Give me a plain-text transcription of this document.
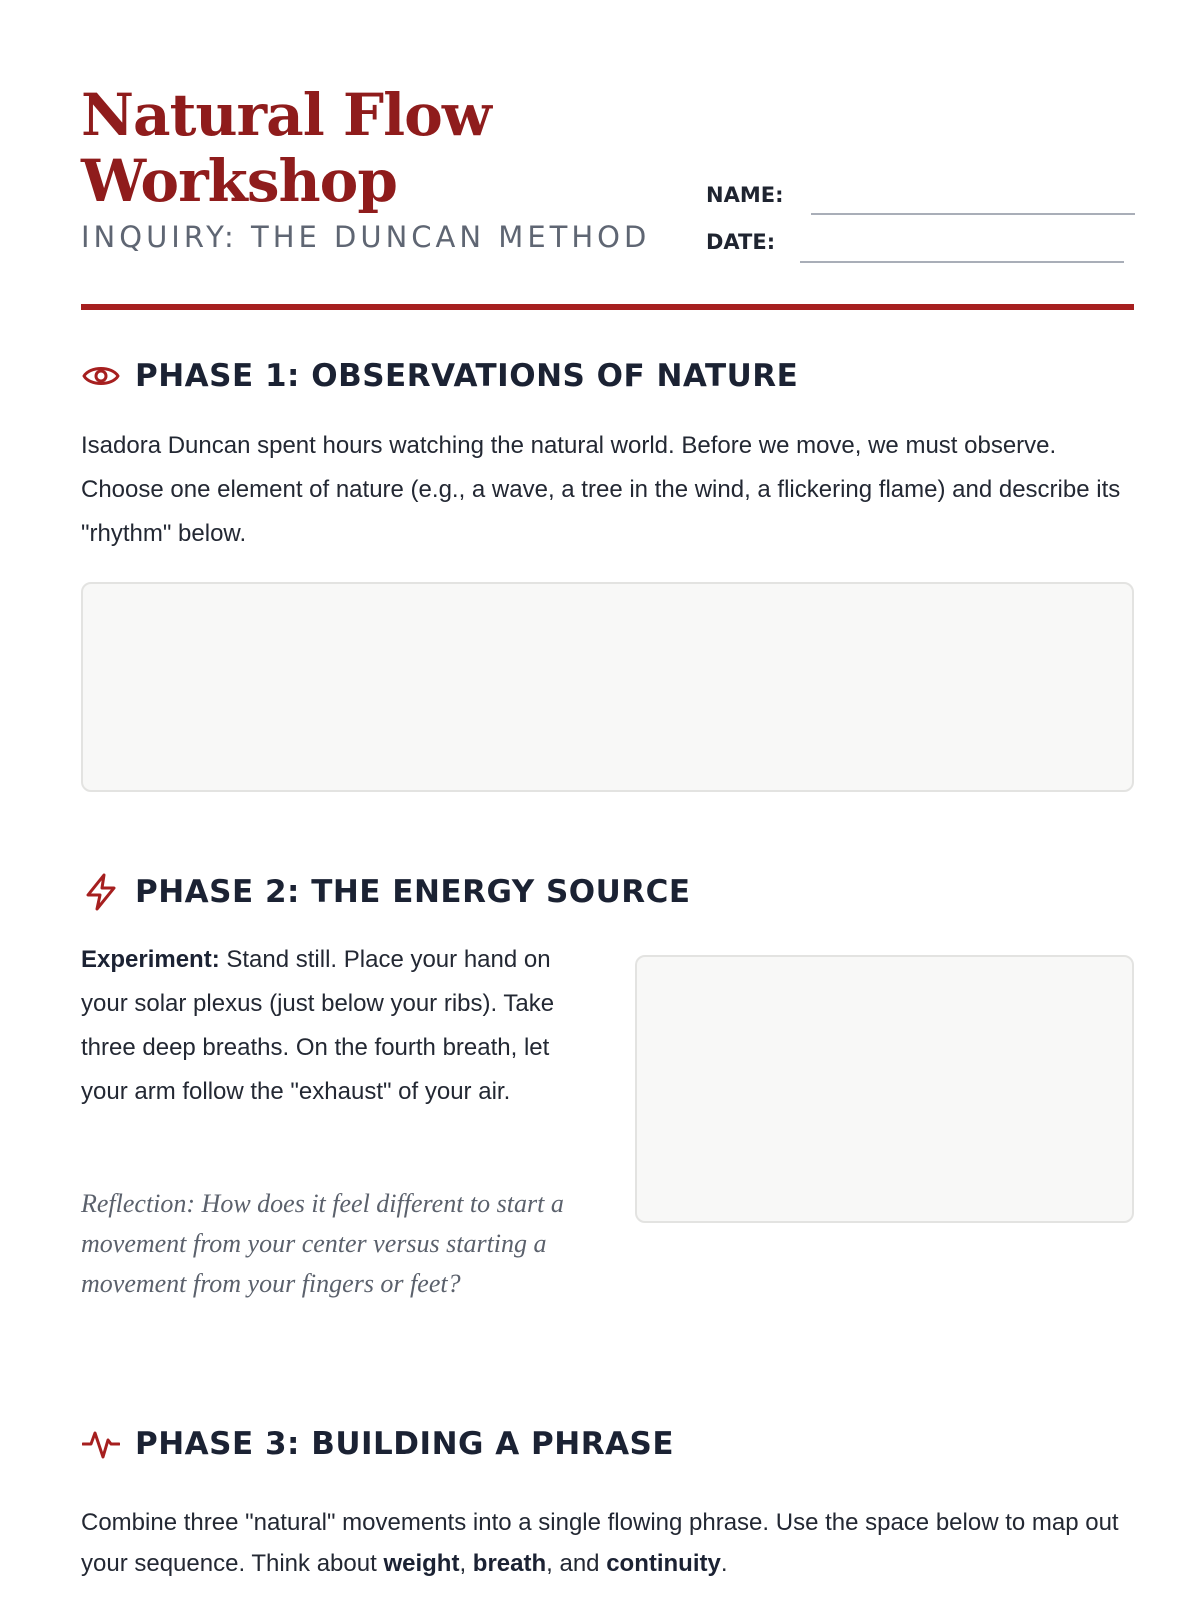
Natural Flow
Workshop
INQUIRY: THE DUNCAN METHOD
NAME:
DATE:
PHASE 1: OBSERVATIONS OF NATURE

Isadora Duncan spent hours watching the natural world. Before we move, we must observe. Choose one element of nature (e.g., a wave, a tree in the wind, a flickering flame) and describe its "rhythm" below.

PHASE 2: THE ENERGY SOURCE

Experiment: Stand still. Place your hand on your solar plexus (just below your ribs). Take three deep breaths. On the fourth breath, let your arm follow the "exhaust" of your air.

Reflection: How does it feel different to start a movement from your center versus starting a movement from your fingers or feet?

PHASE 3: BUILDING A PHRASE

Combine three "natural" movements into a single flowing phrase. Use the space below to map out your sequence. Think about weight, breath, and continuity.
